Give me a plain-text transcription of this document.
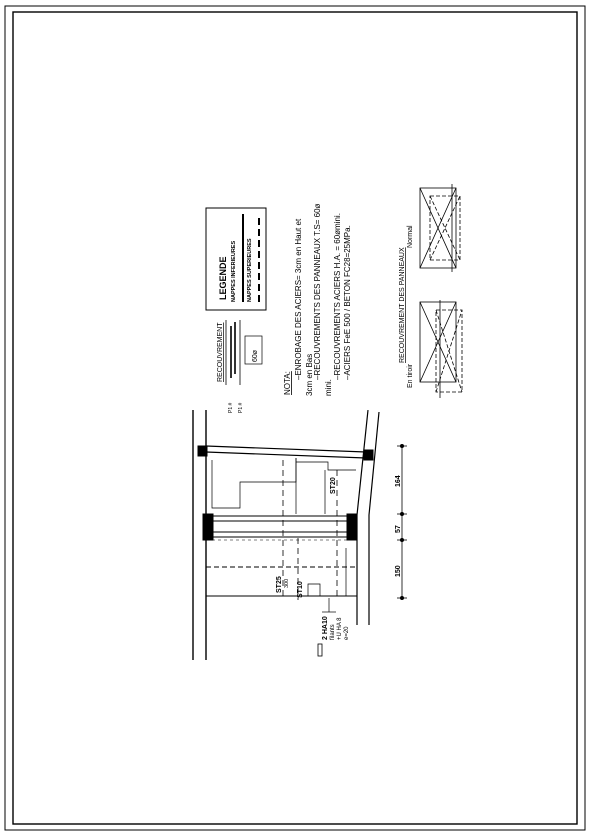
LEGENDE NAPPES INFERIEURES NAPPES SUPERIEURES
RECOUVREMENT	60ø
P1 # P1 #
NOTA:
–ENROBAGE DES ACIERS= 3cm en Haut et 3cm en Bas –RECOUVREMENTS DES PANNEAUX T.S= 60ø
mini.
–RECOUVREMENTS ACIERS H.A. = 60ømini. –ACIERS FeE 500 / BETON FC28=25MPa.	RECOUVREMENT DES PANNEAUX
Normal
En tiroir
ST25 300 ST10
ST20
2 HA10 filants +U HA 8 e=20
150
57
164
